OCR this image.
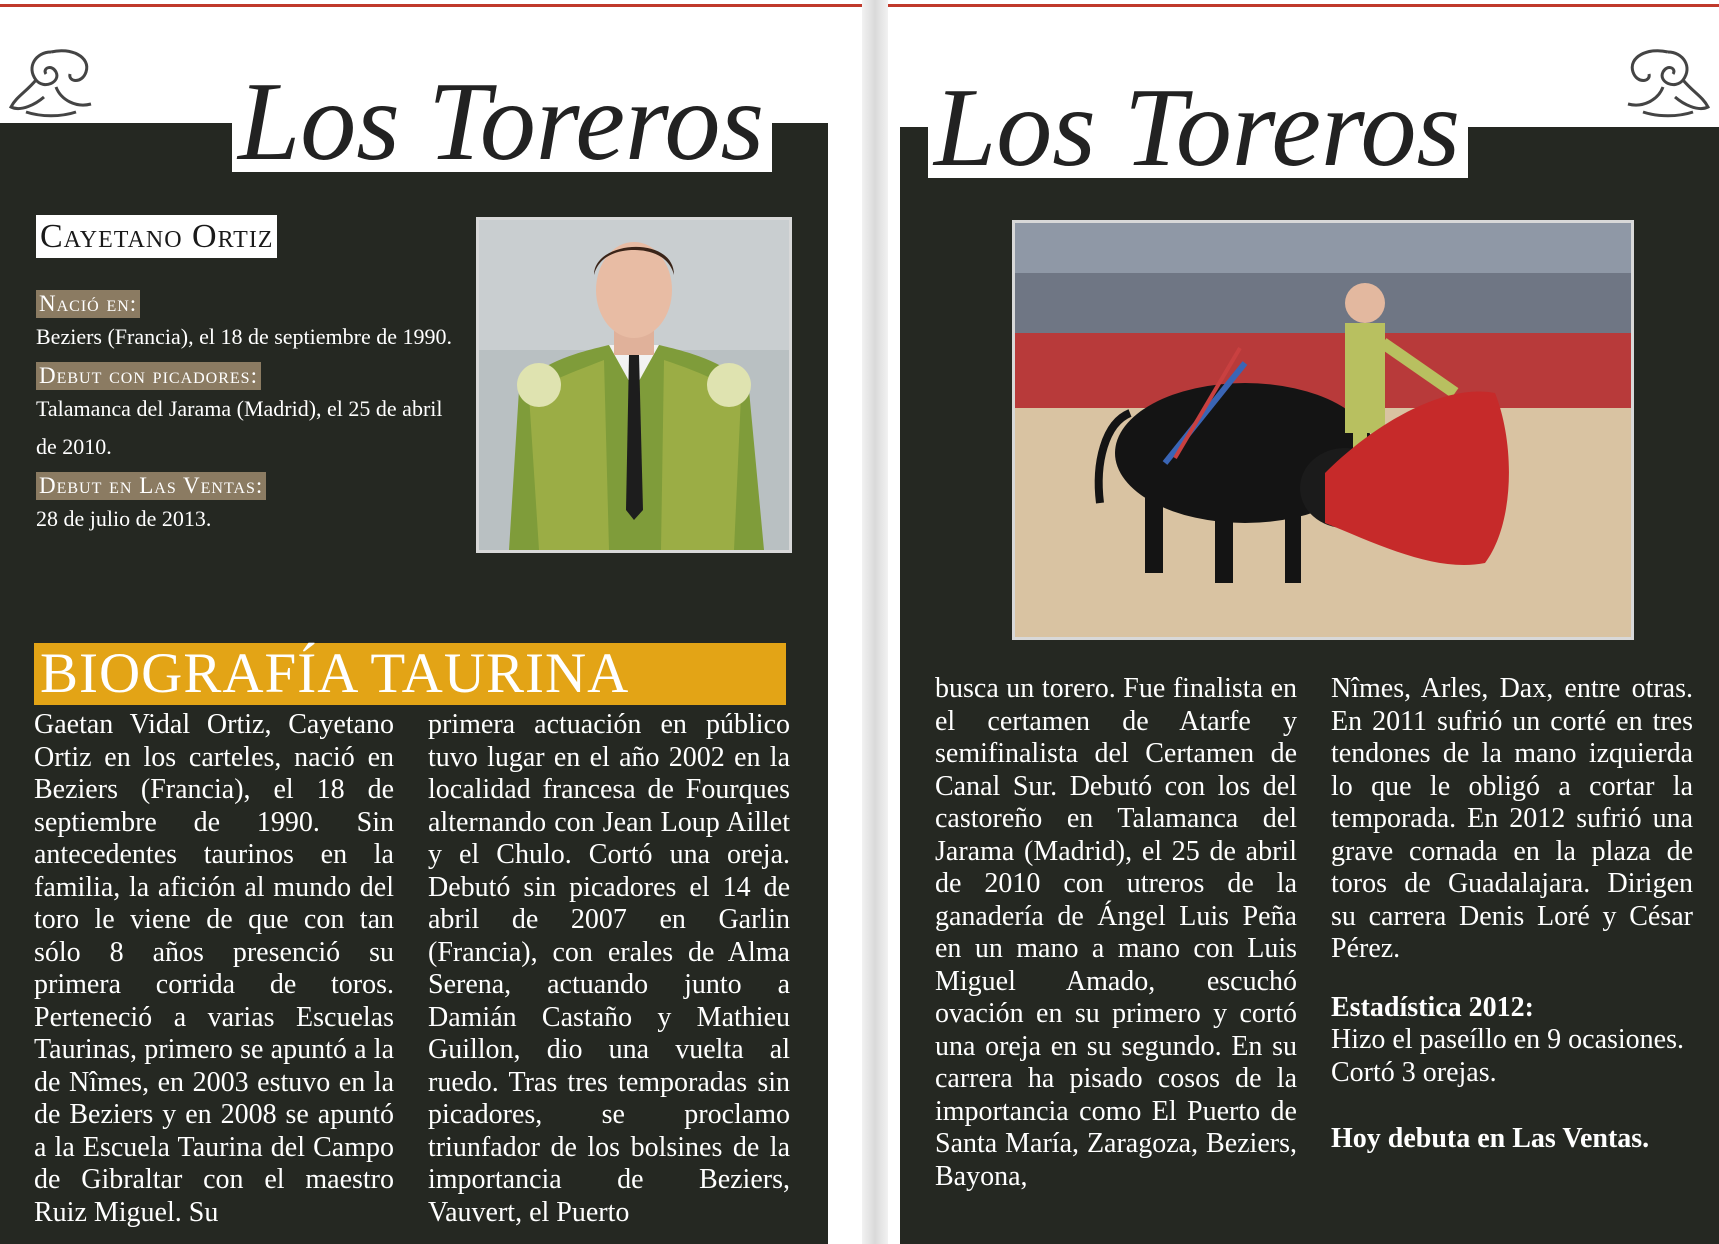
Los Toreros
Cayetano Ortiz
Nació en:
Beziers (Francia), el 18 de septiembre de 1990.
Debut con picadores:
Talamanca del Jarama (Madrid), el 25 de abril de 2010.
Debut en Las Ventas:
28 de julio de 2013.
BIOGRAFÍA TAURINA
Gaetan Vidal Ortiz, Cayetano Ortiz en los carteles, nació en Beziers (Francia), el 18 de septiembre de 1990. Sin antecedentes taurinos en la familia, la afición al mundo del toro le viene de que con tan sólo 8 años presenció su primera corrida de toros. Perteneció a varias Escuelas Taurinas, primero se apuntó a la de Nîmes, en 2003 estuvo en la de Beziers y en 2008 se apuntó a la Escuela Taurina del Campo de Gibraltar con el maestro Ruiz Miguel. Su
primera actuación en público tuvo lugar en el año 2002 en la localidad francesa de Fourques alternando con Jean Loup Aillet y el Chulo. Cortó una oreja. Debutó sin picadores el 14 de abril de 2007 en Garlin (Francia), con erales de Alma Serena, actuando junto a Damián Castaño y Mathieu Guillon, dio una vuelta al ruedo. Tras tres temporadas sin picadores, se proclamo triunfador de los bolsines de la importancia de Beziers, Vauvert, el Puerto
Los Toreros
busca un torero. Fue finalista en el certamen de Atarfe y semifinalista del Certamen de Canal Sur. Debutó con los del castoreño en Talamanca del Jarama (Madrid), el 25 de abril de 2010 con utreros de la ganadería de Ángel Luis Peña en un mano a mano con Luis Miguel Amado, escuchó ovación en su primero y cortó una oreja en su segundo. En su carrera ha pisado cosos de la importancia como El Puerto de Santa María, Zaragoza, Beziers, Bayona,
Nîmes, Arles, Dax, entre otras. En 2011 sufrió un corté en tres tendones de la mano izquierda lo que le obligó a cortar la temporada. En 2012 sufrió una grave cornada en la plaza de toros de Guadalajara. Dirigen su carrera Denis Loré y César Pérez.
Estadística 2012:
Hizo el paseíllo en 9 ocasiones.
Cortó 3 orejas.
Hoy debuta en Las Ventas.
